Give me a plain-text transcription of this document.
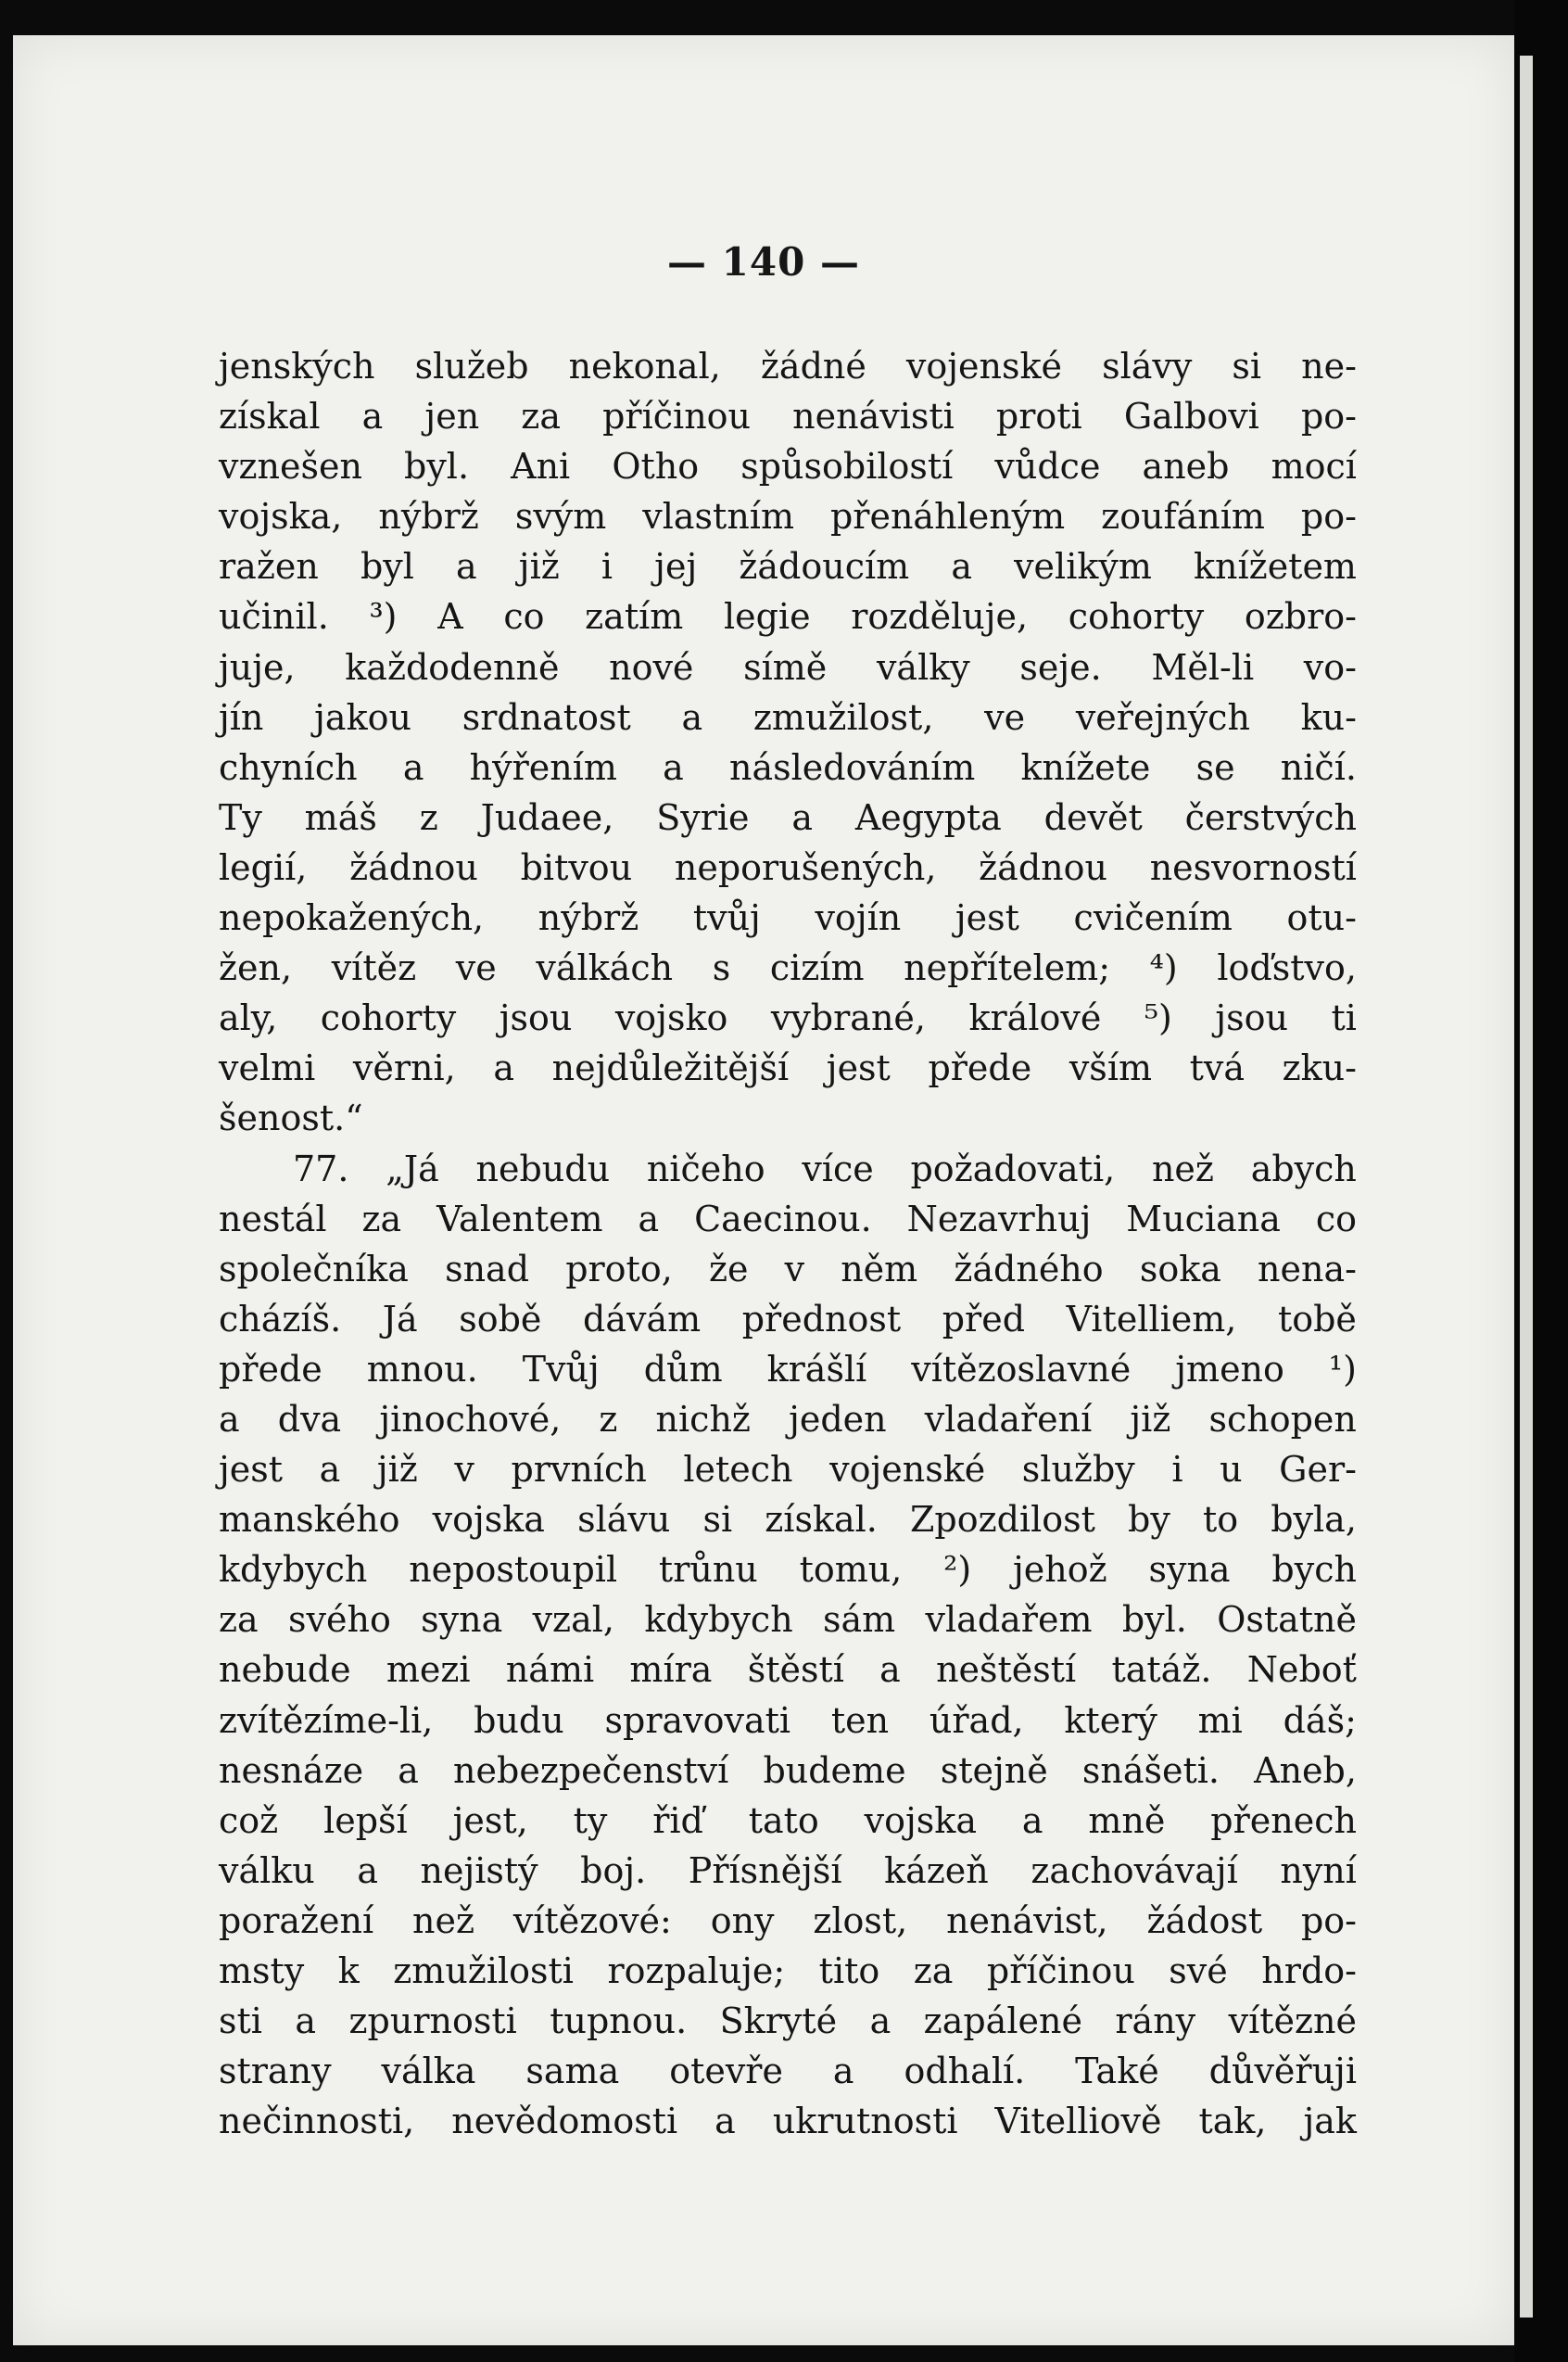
— 140 —
jenských služeb nekonal, žádné vojenské slávy si ne-
získal a jen za příčinou nenávisti proti Galbovi po-
vznešen byl. Ani Otho spůsobilostí vůdce aneb mocí
vojska, nýbrž svým vlastním přenáhleným zoufáním po-
ražen byl a již i jej žádoucím a velikým knížetem
učinil. ³) A co zatím legie rozděluje, cohorty ozbro-
juje, každodenně nové símě války seje. Měl-li vo-
jín jakou srdnatost a zmužilost, ve veřejných ku-
chyních a hýřením a následováním knížete se ničí.
Ty máš z Judaee, Syrie a Aegypta devět čerstvých
legií, žádnou bitvou neporušených, žádnou nesvorností
nepokažených, nýbrž tvůj vojín jest cvičením otu-
žen, vítěz ve válkách s cizím nepřítelem; ⁴) loďstvo,
aly, cohorty jsou vojsko vybrané, králové ⁵) jsou ti
velmi věrni, a nejdůležitější jest přede vším tvá zku-
šenost.“
77. „Já nebudu ničeho více požadovati, než abych
nestál za Valentem a Caecinou. Nezavrhuj Muciana co
společníka snad proto, že v něm žádného soka nena-
cházíš. Já sobě dávám přednost před Vitelliem, tobě
přede mnou. Tvůj dům krášlí vítězoslavné jmeno ¹)
a dva jinochové, z nichž jeden vladaření již schopen
jest a již v prvních letech vojenské služby i u Ger-
manského vojska slávu si získal. Zpozdilost by to byla,
kdybych nepostoupil trůnu tomu, ²) jehož syna bych
za svého syna vzal, kdybych sám vladařem byl. Ostatně
nebude mezi námi míra štěstí a neštěstí tatáž. Neboť
zvítězíme-li, budu spravovati ten úřad, který mi dáš;
nesnáze a nebezpečenství budeme stejně snášeti. Aneb,
což lepší jest, ty řiď tato vojska a mně přenech
válku a nejistý boj. Přísnější kázeň zachovávají nyní
poražení než vítězové: ony zlost, nenávist, žádost po-
msty k zmužilosti rozpaluje; tito za příčinou své hrdo-
sti a zpurnosti tupnou. Skryté a zapálené rány vítězné
strany válka sama otevře a odhalí. Také důvěřuji
nečinnosti, nevědomosti a ukrutnosti Vitelliově tak, jak
